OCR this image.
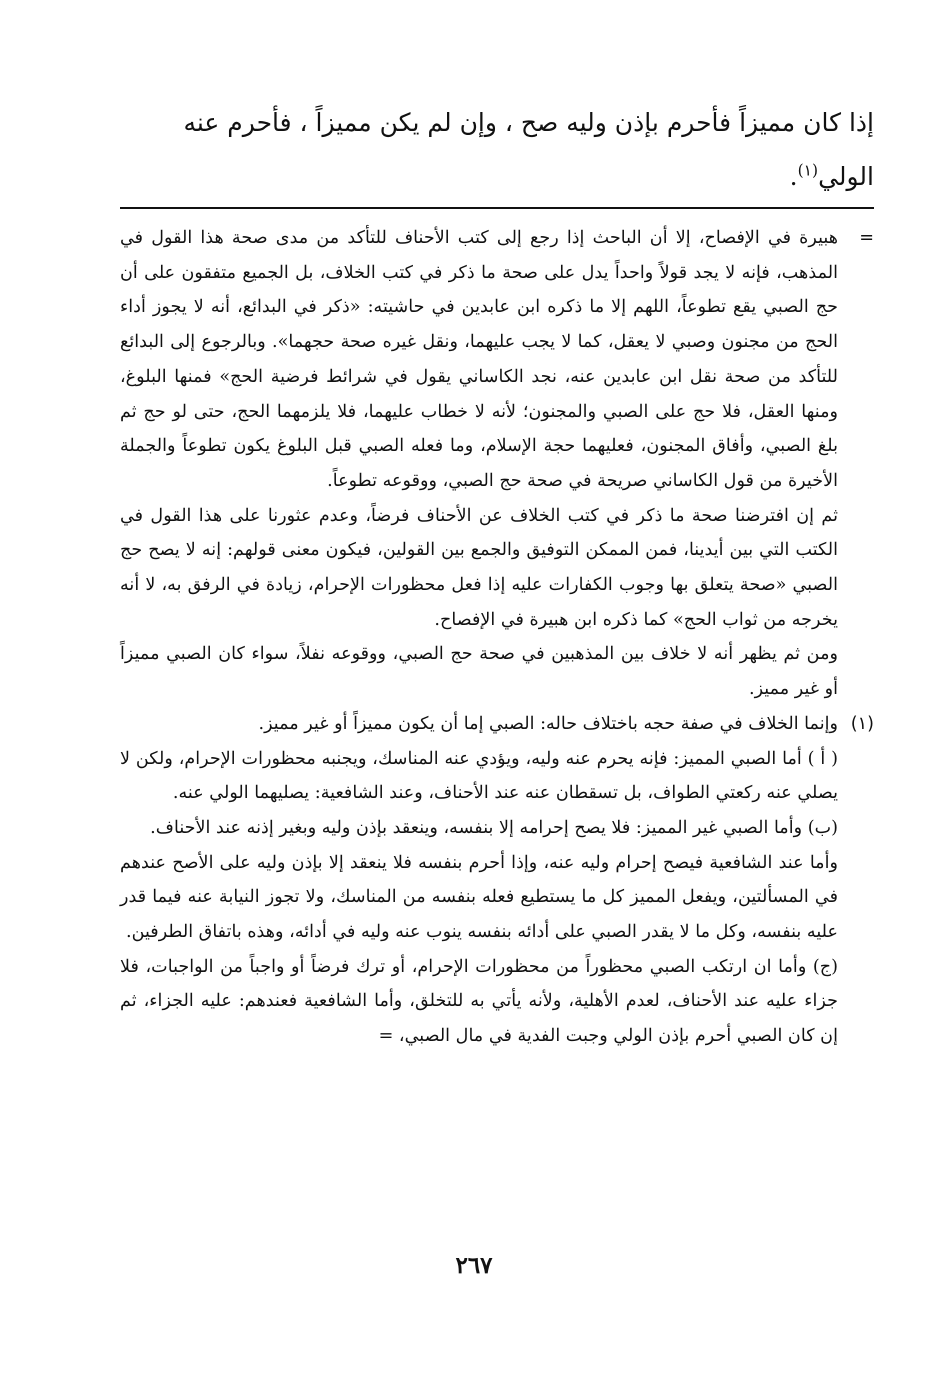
إذا كان مميزاً فأحرم بإذن وليه صح ، وإن لم يكن مميزاً ، فأحرم عنه
الولي$^{(١)}$.

=
هبيرة في الإفصاح، إلا أن الباحث إذا رجع إلى كتب الأحناف للتأكد من مدى صحة هذا القول في المذهب، فإنه لا يجد قولاً واحداً يدل على صحة ما ذكر في كتب الخلاف، بل الجميع متفقون على أن حج الصبي يقع تطوعاً، اللهم إلا ما ذكره ابن عابدين في حاشيته: «ذكر في البدائع، أنه لا يجوز أداء الحج من مجنون وصبي لا يعقل، كما لا يجب عليهما، ونقل غيره صحة حجهما». وبالرجوع إلى البدائع للتأكد من صحة نقل ابن عابدين عنه، نجد الكاساني يقول في شرائط فرضية الحج» فمنها البلوغ، ومنها العقل، فلا حج على الصبي والمجنون؛ لأنه لا خطاب عليهما، فلا يلزمهما الحج، حتى لو حج ثم بلغ الصبي، وأفاق المجنون، فعليهما حجة الإسلام، وما فعله الصبي قبل البلوغ يكون تطوعاً والجملة الأخيرة من قول الكاساني صريحة في صحة حج الصبي، ووقوعه تطوعاً.

ثم إن افترضنا صحة ما ذكر في كتب الخلاف عن الأحناف فرضاً، وعدم عثورنا على هذا القول في الكتب التي بين أيدينا، فمن الممكن التوفيق والجمع بين القولين، فيكون معنى قولهم: إنه لا يصح حج الصبي «صحة يتعلق بها وجوب الكفارات عليه إذا فعل محظورات الإحرام، زيادة في الرفق به، لا أنه يخرجه من ثواب الحج» كما ذكره ابن هبيرة في الإفصاح.

ومن ثم يظهر أنه لا خلاف بين المذهبين في صحة حج الصبي، ووقوعه نفلاً، سواء كان الصبي مميزاً أو غير مميز.

(١)
وإنما الخلاف في صفة حجه باختلاف حاله: الصبي إما أن يكون مميزاً أو غير مميز.

( أ ) أما الصبي المميز: فإنه يحرم عنه وليه، ويؤدي عنه المناسك، ويجنبه محظورات الإحرام، ولكن لا يصلي عنه ركعتي الطواف، بل تسقطان عنه عند الأحناف، وعند الشافعية: يصليهما الولي عنه.

(ب) وأما الصبي غير المميز: فلا يصح إحرامه إلا بنفسه، وينعقد بإذن وليه وبغير إذنه عند الأحناف.

وأما عند الشافعية فيصح إحرام وليه عنه، وإذا أحرم بنفسه فلا ينعقد إلا بإذن وليه على الأصح عندهم في المسألتين، ويفعل المميز كل ما يستطيع فعله بنفسه من المناسك، ولا تجوز النيابة عنه فيما قدر عليه بنفسه، وكل ما لا يقدر الصبي على أدائه بنفسه ينوب عنه وليه في أدائه، وهذه باتفاق الطرفين.

(ج) وأما ان ارتكب الصبي محظوراً من محظورات الإحرام، أو ترك فرضاً أو واجباً من الواجبات، فلا جزاء عليه عند الأحناف، لعدم الأهلية، ولأنه يأتي به للتخلق، وأما الشافعية فعندهم: عليه الجزاء، ثم إن كان الصبي أحرم بإذن الولي وجبت الفدية في مال الصبي، =

٢٦٧
